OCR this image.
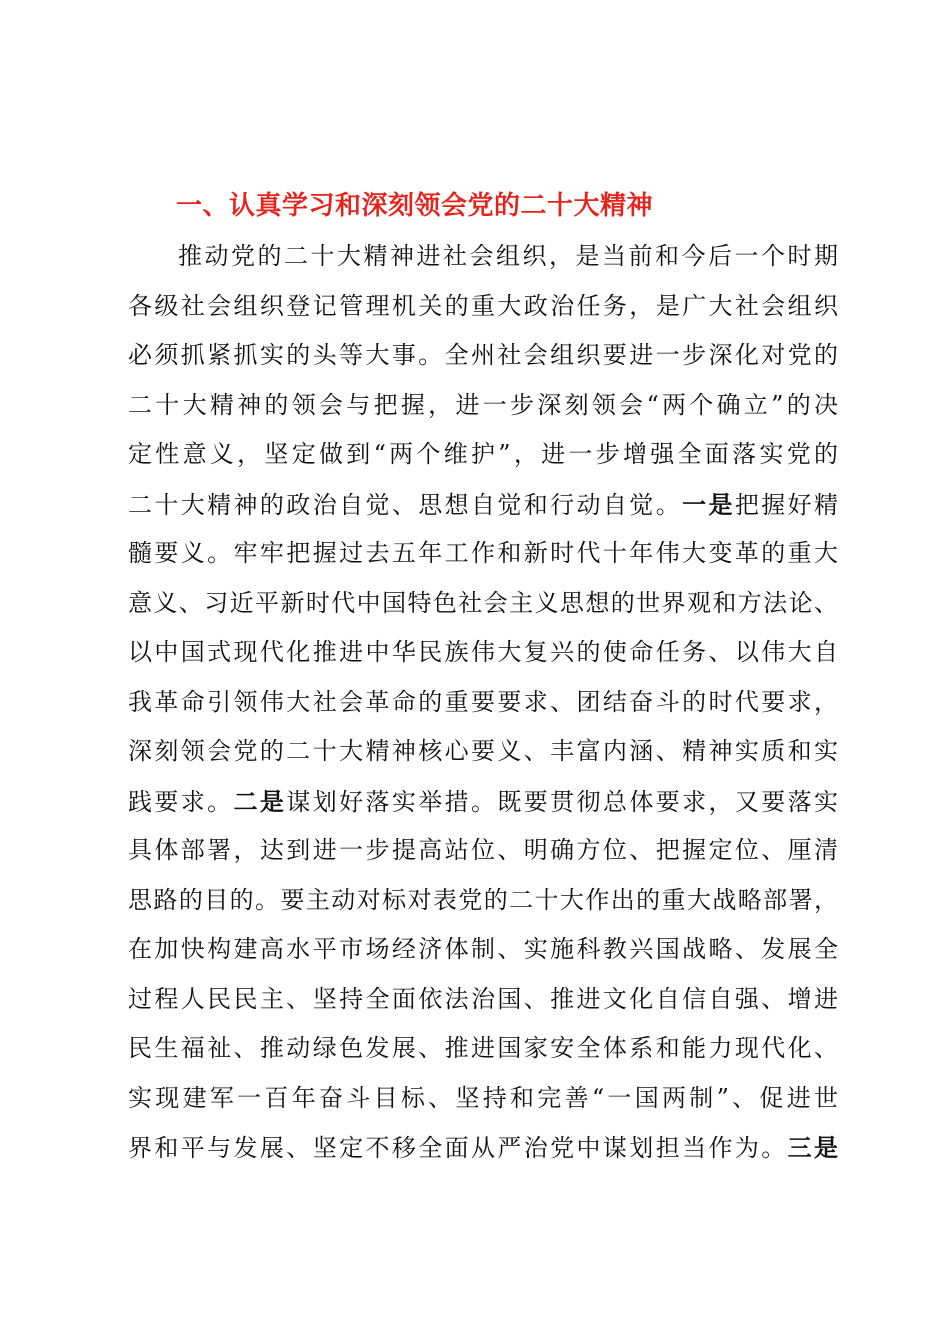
一、认真学习和深刻领会党的二十大精神
推动党的二十大精神进社会组织，是当前和今后一个时期
各级社会组织登记管理机关的重大政治任务，是广大社会组织
必须抓紧抓实的头等大事。全州社会组织要进一步深化对党的
二十大精神的领会与把握，进一步深刻领会“两个确立”的决
定性意义，坚定做到“两个维护”，进一步增强全面落实党的
二十大精神的政治自觉、思想自觉和行动自觉。一是把握好精
髓要义。牢牢把握过去五年工作和新时代十年伟大变革的重大
意义、习近平新时代中国特色社会主义思想的世界观和方法论、
以中国式现代化推进中华民族伟大复兴的使命任务、以伟大自
我革命引领伟大社会革命的重要要求、团结奋斗的时代要求，
深刻领会党的二十大精神核心要义、丰富内涵、精神实质和实
践要求。二是谋划好落实举措。既要贯彻总体要求，又要落实
具体部署，达到进一步提高站位、明确方位、把握定位、厘清
思路的目的。要主动对标对表党的二十大作出的重大战略部署，
在加快构建高水平市场经济体制、实施科教兴国战略、发展全
过程人民民主、坚持全面依法治国、推进文化自信自强、增进
民生福祉、推动绿色发展、推进国家安全体系和能力现代化、
实现建军一百年奋斗目标、坚持和完善“一国两制”、促进世
界和平与发展、坚定不移全面从严治党中谋划担当作为。三是
